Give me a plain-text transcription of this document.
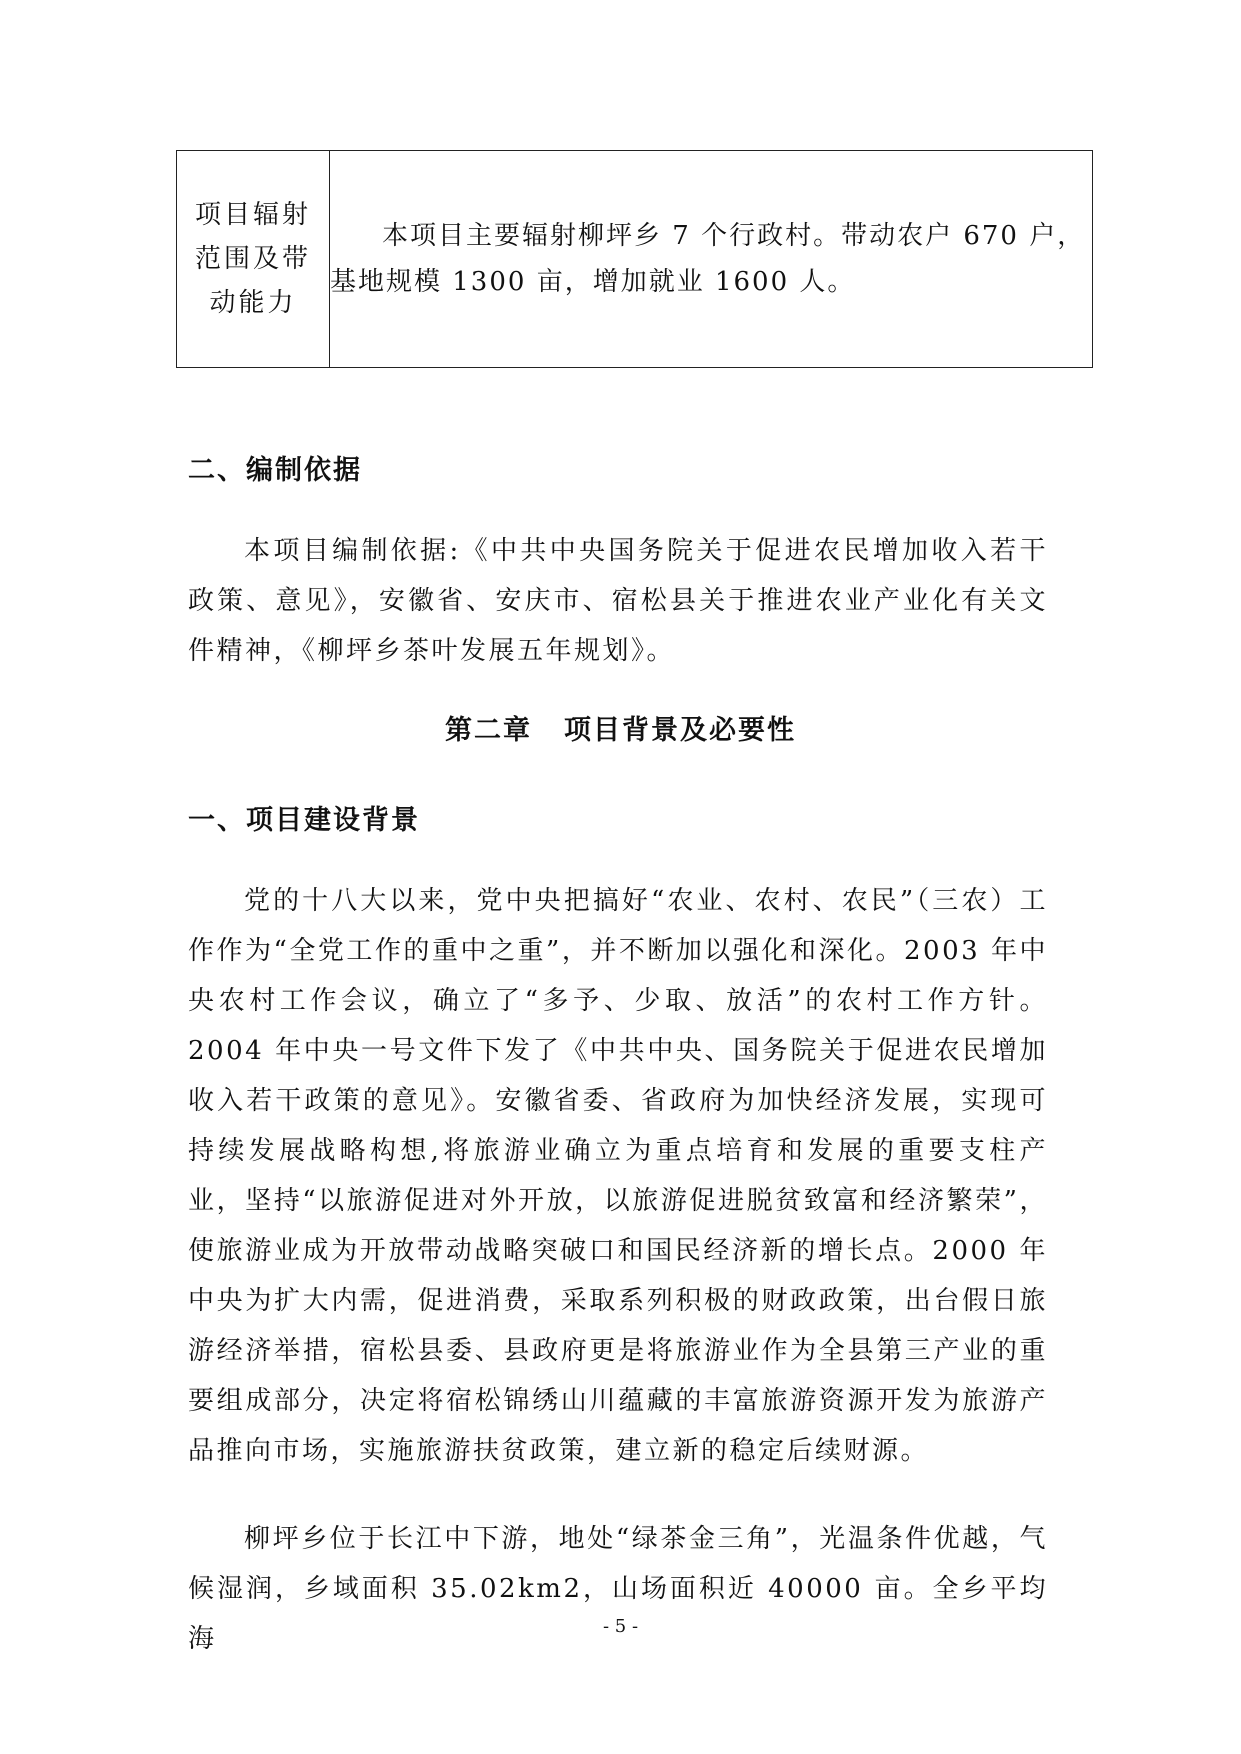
项目辐射
范围及带
动能力

本项目主要辐射柳坪乡 7 个行政村。带动农户 670 户，基地规模 1300 亩，增加就业 1600 人。

二、编制依据

本项目编制依据:《中共中央国务院关于促进农民增加收入若干政策、意见》，安徽省、安庆市、宿松县关于推进农业产业化有关文件精神，《柳坪乡茶叶发展五年规划》。

第二章 项目背景及必要性
一、项目建设背景

党的十八大以来，党中央把搞好“农业、农村、农民”（三农）工作作为“全党工作的重中之重”，并不断加以强化和深化。2003 年中央农村工作会议，确立了“多予、少取、放活”的农村工作方针。2004 年中央一号文件下发了《中共中央、国务院关于促进农民增加收入若干政策的意见》。安徽省委、省政府为加快经济发展，实现可持续发展战略构想,将旅游业确立为重点培育和发展的重要支柱产业，坚持“以旅游促进对外开放，以旅游促进脱贫致富和经济繁荣”，使旅游业成为开放带动战略突破口和国民经济新的增长点。2000 年中央为扩大内需，促进消费，采取系列积极的财政政策，出台假日旅游经济举措，宿松县委、县政府更是将旅游业作为全县第三产业的重要组成部分，决定将宿松锦绣山川蕴藏的丰富旅游资源开发为旅游产品推向市场，实施旅游扶贫政策，建立新的稳定后续财源。

柳坪乡位于长江中下游，地处“绿茶金三角”，光温条件优越，气候湿润，乡域面积 35.02km2，山场面积近 40000 亩。全乡平均海	- 5 -
